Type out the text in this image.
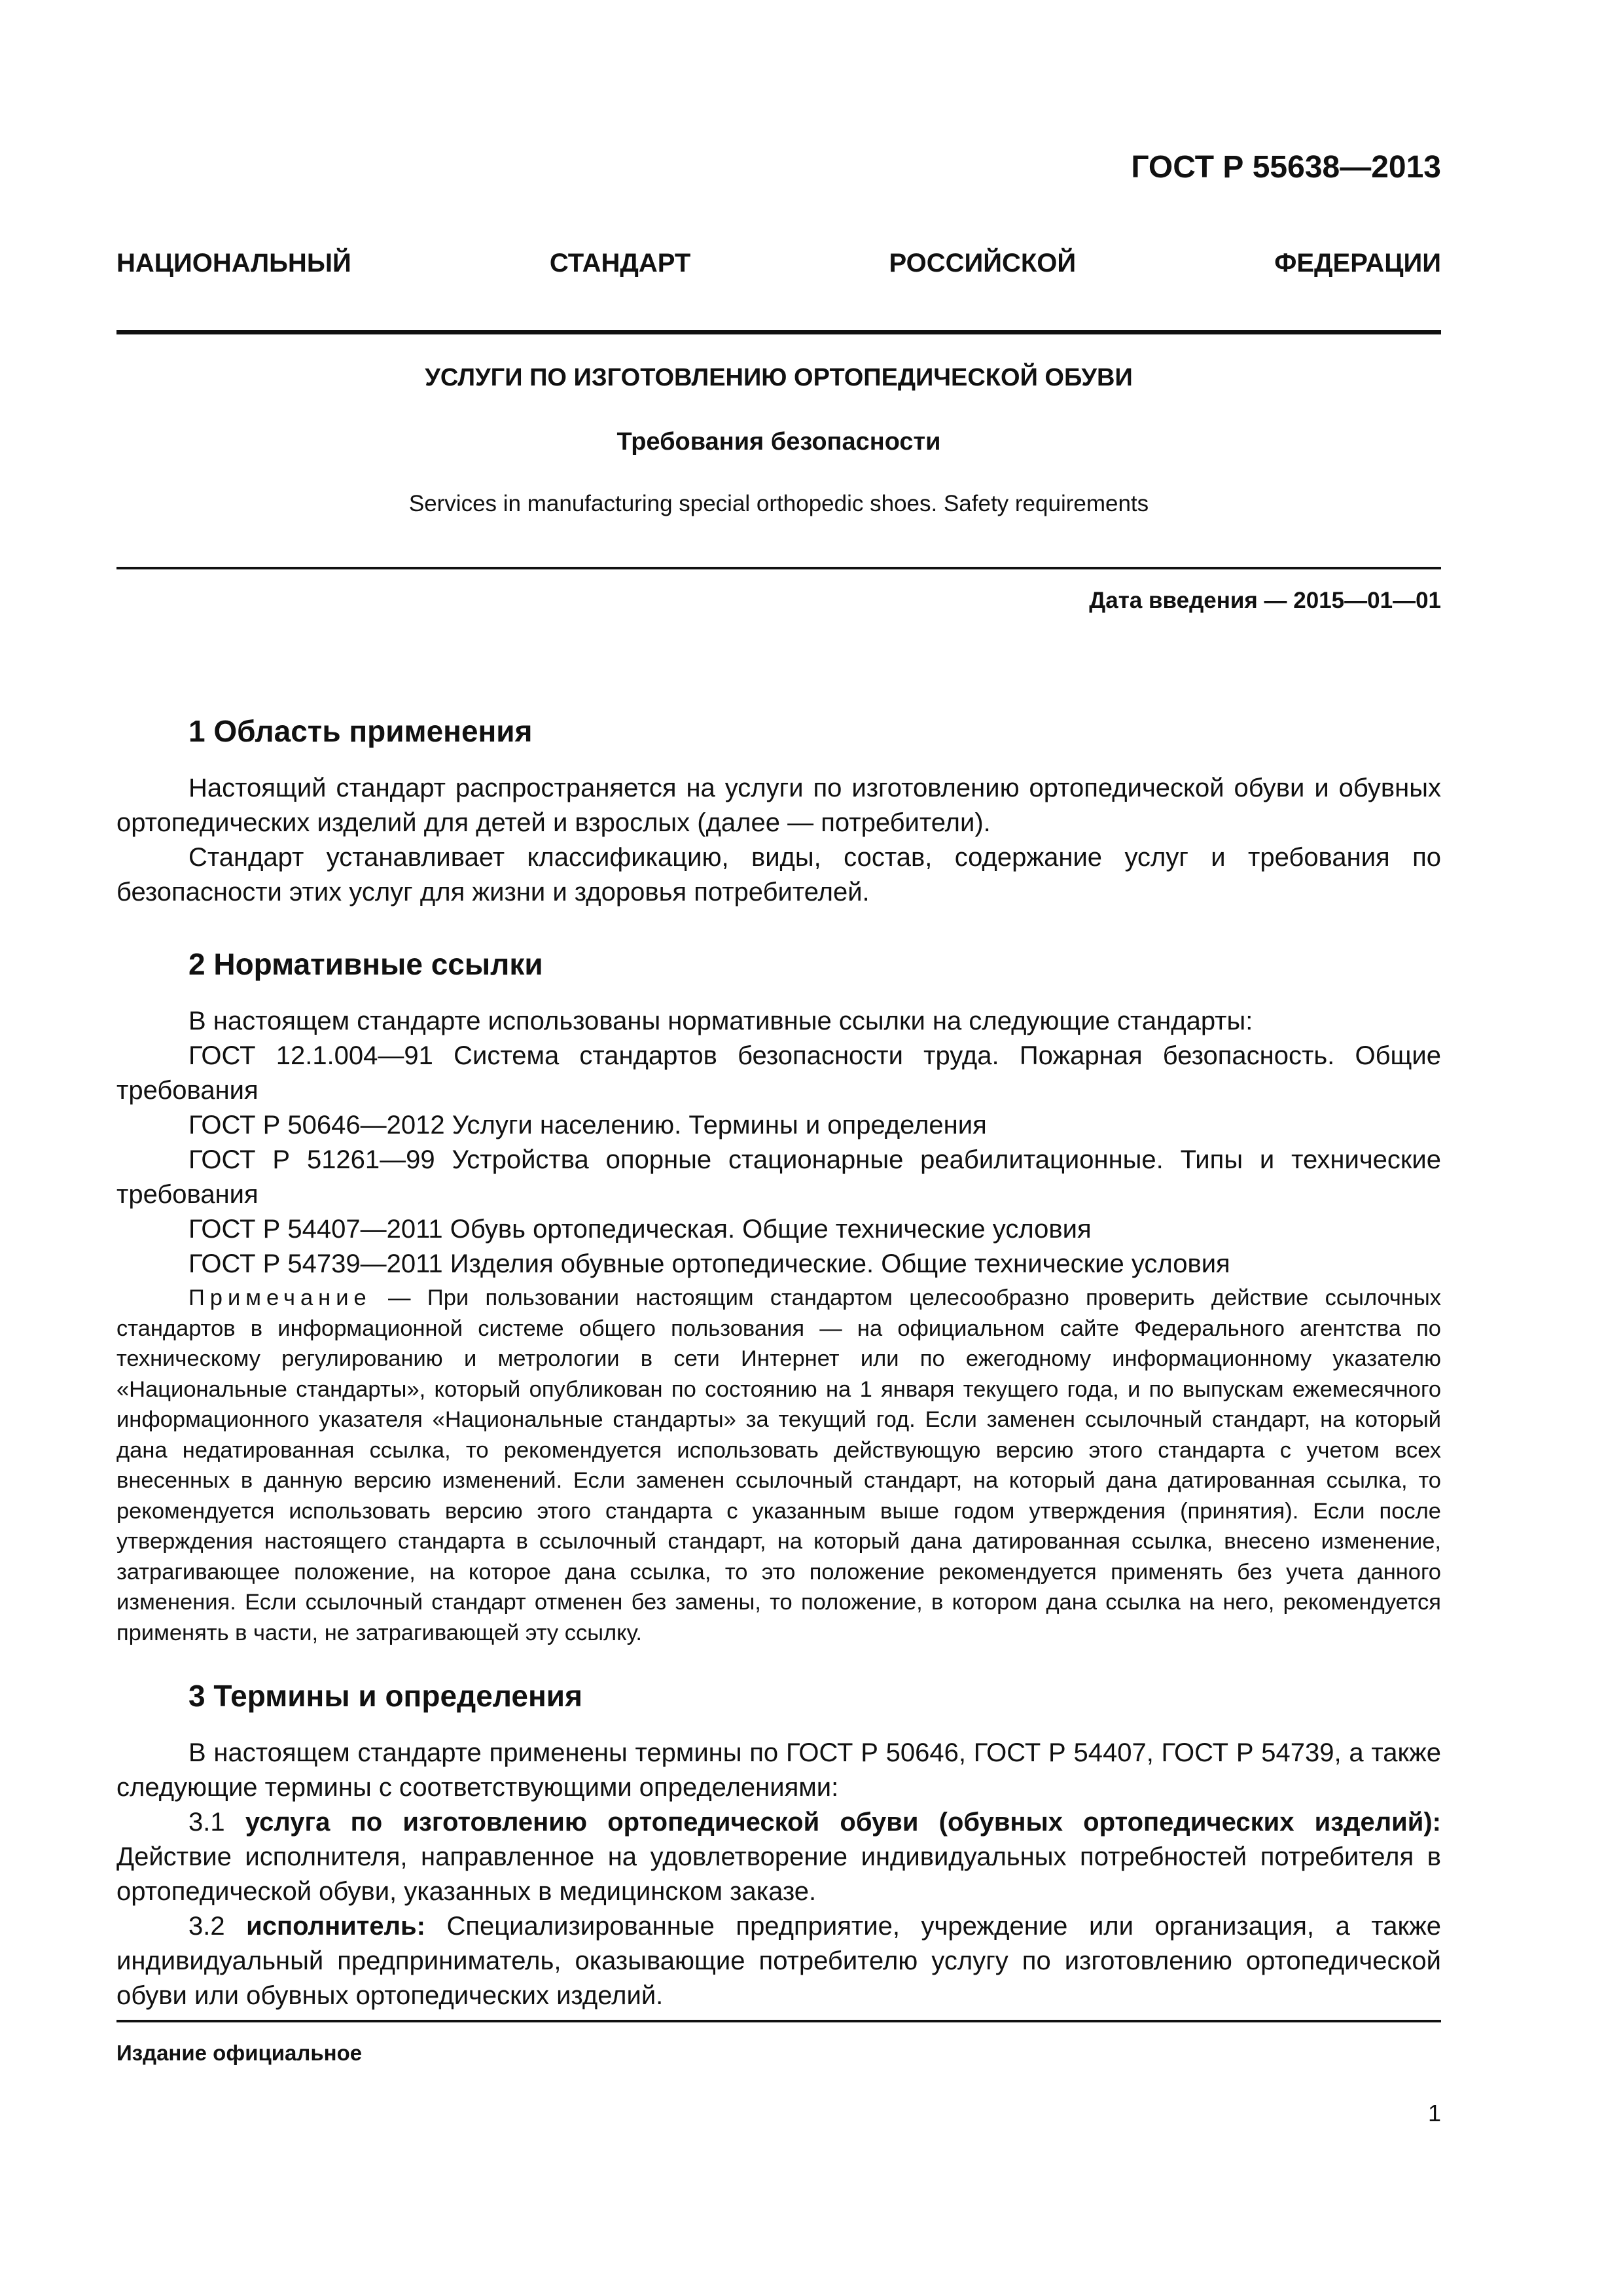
ГОСТ Р 55638—2013
НАЦИОНАЛЬНЫЙ	СТАНДАРТ	РОССИЙСКОЙ	ФЕДЕРАЦИИ
УСЛУГИ ПО ИЗГОТОВЛЕНИЮ ОРТОПЕДИЧЕСКОЙ ОБУВИ
Требования безопасности
Services in manufacturing special orthopedic shoes. Safety requirements
Дата введения — 2015—01—01
1 Область применения

Настоящий стандарт распространяется на услуги по изготовлению ортопедической обуви и обувных ортопедических изделий для детей и взрослых (далее — потребители).

Стандарт устанавливает классификацию, виды, состав, содержание услуг и требования по безопасности этих услуг для жизни и здоровья потребителей.

2 Нормативные ссылки

В настоящем стандарте использованы нормативные ссылки на следующие стандарты:

ГОСТ 12.1.004—91 Система стандартов безопасности труда. Пожарная безопасность. Общие требования

ГОСТ Р 50646—2012 Услуги населению. Термины и определения

ГОСТ Р 51261—99 Устройства опорные стационарные реабилитационные. Типы и технические требования

ГОСТ Р 54407—2011 Обувь ортопедическая. Общие технические условия

ГОСТ Р 54739—2011 Изделия обувные ортопедические. Общие технические условия

Примечание — При пользовании настоящим стандартом целесообразно проверить действие ссылочных стандартов в информационной системе общего пользования — на официальном сайте Федерального агентства по техническому регулированию и метрологии в сети Интернет или по ежегодному информационному указателю «Национальные стандарты», который опубликован по состоянию на 1 января текущего года, и по выпускам ежемесячного информационного указателя «Национальные стандарты» за текущий год. Если заменен ссылочный стандарт, на который дана недатированная ссылка, то рекомендуется использовать действующую версию этого стандарта с учетом всех внесенных в данную версию изменений. Если заменен ссылочный стандарт, на который дана датированная ссылка, то рекомендуется использовать версию этого стандарта с указанным выше годом утверждения (принятия). Если после утверждения настоящего стандарта в ссылочный стандарт, на который дана датированная ссылка, внесено изменение, затрагивающее положение, на которое дана ссылка, то это положение рекомендуется применять без учета данного изменения. Если ссылочный стандарт отменен без замены, то положение, в котором дана ссылка на него, рекомендуется применять в части, не затрагивающей эту ссылку.

3 Термины и определения

В настоящем стандарте применены термины по ГОСТ Р 50646, ГОСТ Р 54407, ГОСТ Р 54739, а также следующие термины с соответствующими определениями:

3.1 услуга по изготовлению ортопедической обуви (обувных ортопедических изделий): Действие исполнителя, направленное на удовлетворение индивидуальных потребностей потребителя в ортопедической обуви, указанных в медицинском заказе.

3.2 исполнитель: Специализированные предприятие, учреждение или организация, а также индивидуальный предприниматель, оказывающие потребителю услугу по изготовлению ортопедической обуви или обувных ортопедических изделий.

Издание официальное
1
